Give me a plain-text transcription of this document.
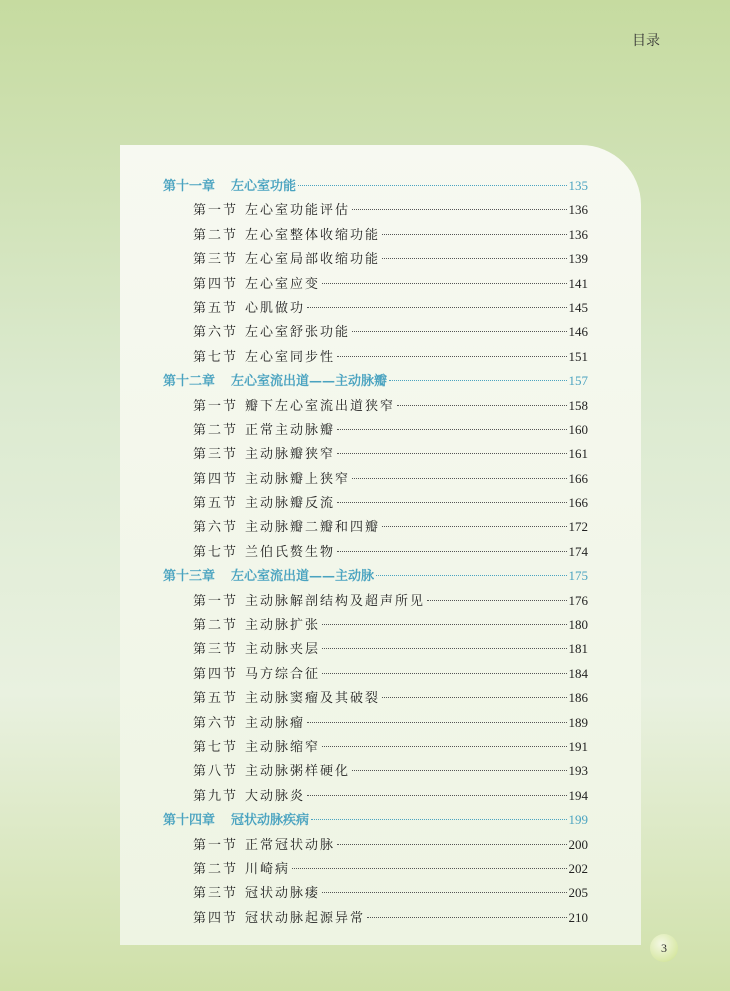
目录
第十一章	左心室功能	135
第一节 左心室功能评估	136
第二节 左心室整体收缩功能	136
第三节 左心室局部收缩功能	139
第四节 左心室应变	141
第五节 心肌做功	145
第六节 左心室舒张功能	146
第七节 左心室同步性	151
第十二章	左心室流出道——主动脉瓣	157
第一节 瓣下左心室流出道狭窄	158
第二节 正常主动脉瓣	160
第三节 主动脉瓣狭窄	161
第四节 主动脉瓣上狭窄	166
第五节 主动脉瓣反流	166
第六节 主动脉瓣二瓣和四瓣	172
第七节 兰伯氏赘生物	174
第十三章	左心室流出道——主动脉	175
第一节 主动脉解剖结构及超声所见	176
第二节 主动脉扩张	180
第三节 主动脉夹层	181
第四节 马方综合征	184
第五节 主动脉窦瘤及其破裂	186
第六节 主动脉瘤	189
第七节 主动脉缩窄	191
第八节 主动脉粥样硬化	193
第九节 大动脉炎	194
第十四章	冠状动脉疾病	199
第一节 正常冠状动脉	200
第二节 川崎病	202
第三节 冠状动脉瘘	205
第四节 冠状动脉起源异常	210
3
